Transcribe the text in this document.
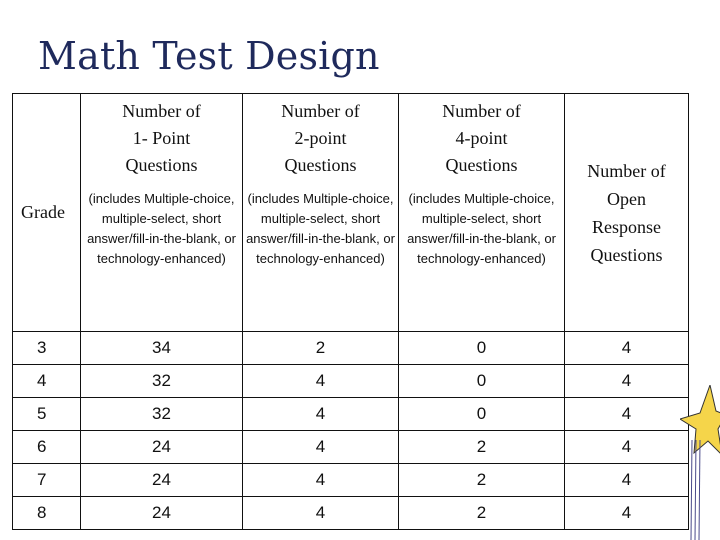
Math Test Design
Grade	Number of 1- Point Questions	Number of 2-point Questions	Number of 4-point Questions	Number of Open Response Questions

	(includes Multiple-choice, multiple-select, short answer/fill-in-the-blank, or technology-enhanced)	(includes Multiple-choice, multiple-select, short answer/fill-in-the-blank, or technology-enhanced)	(includes Multiple-choice, multiple-select, short answer/fill-in-the-blank, or technology-enhanced)	
3	34	2	0	4
4	32	4	0	4
5	32	4	0	4
6	24	4	2	4
7	24	4	2	4
8	24	4	2	4
